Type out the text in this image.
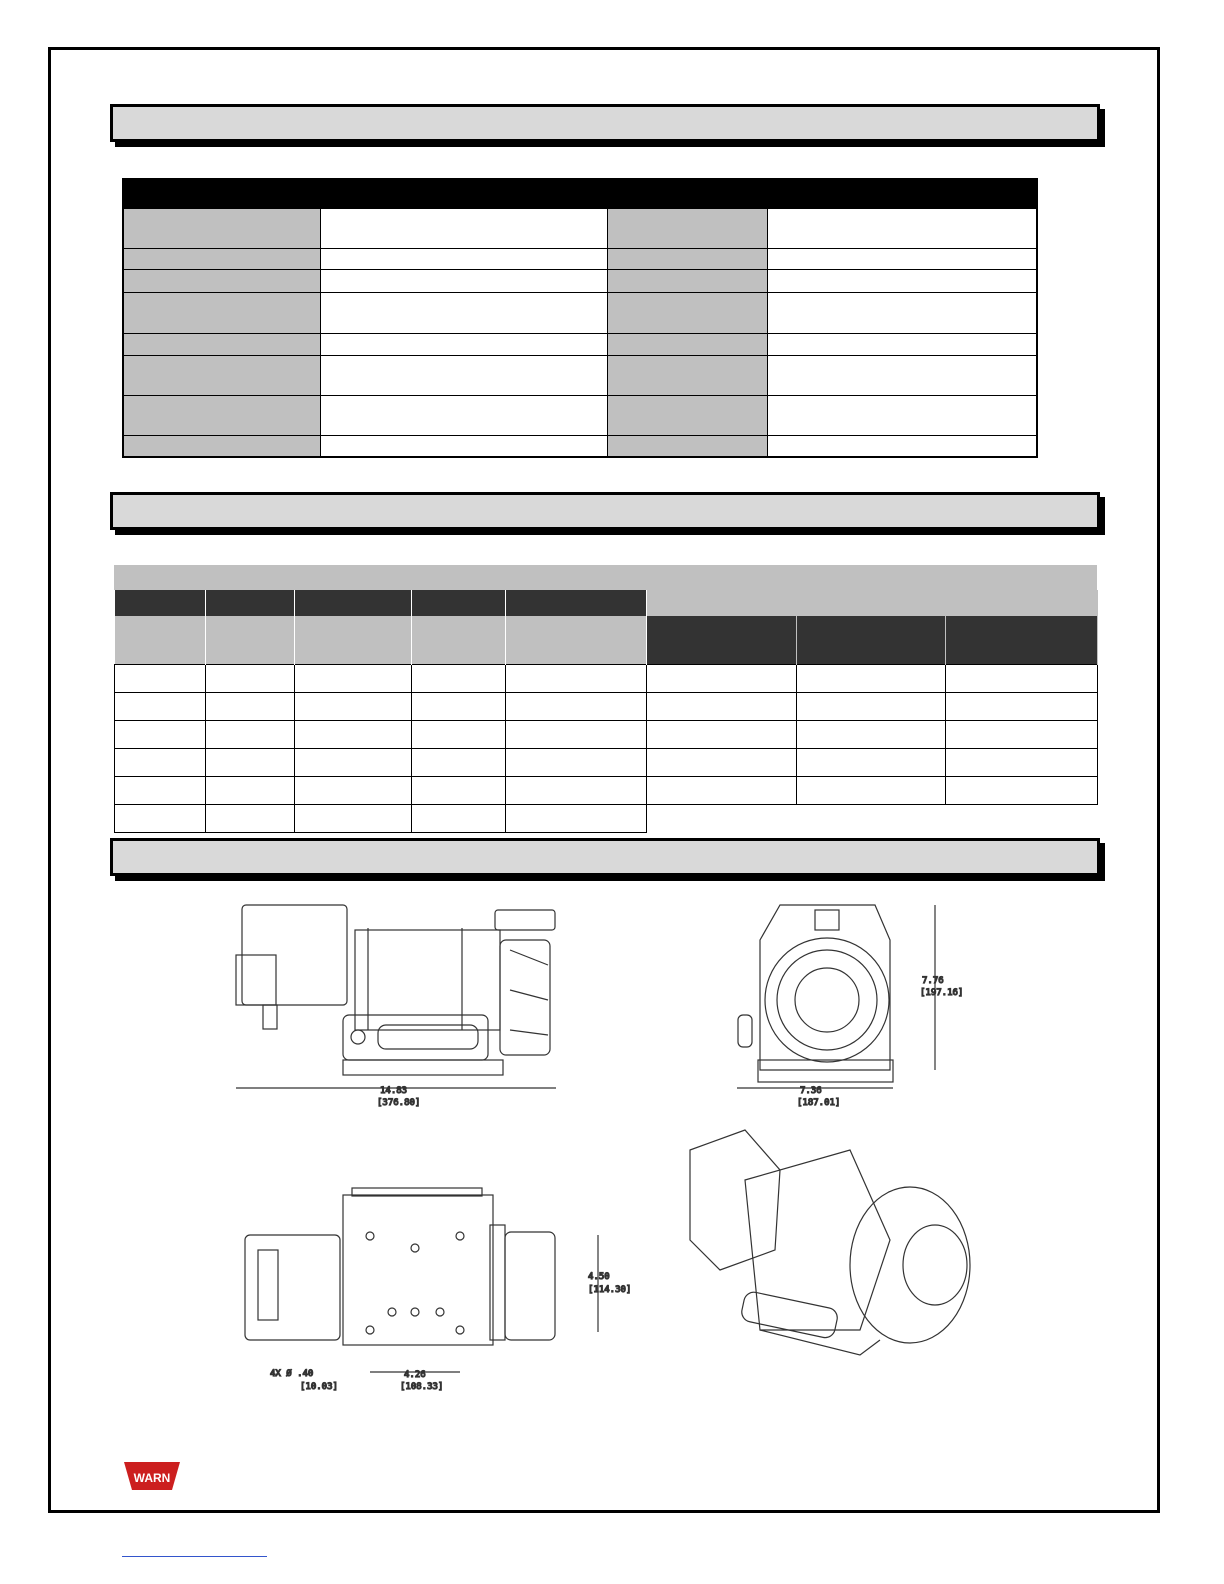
14.83
[376.80]
7.76
[197.16]
7.36
[187.01]
4.50
[114.30]
4.26
[108.33]
4X Ø .40
[10.03]
WARN
